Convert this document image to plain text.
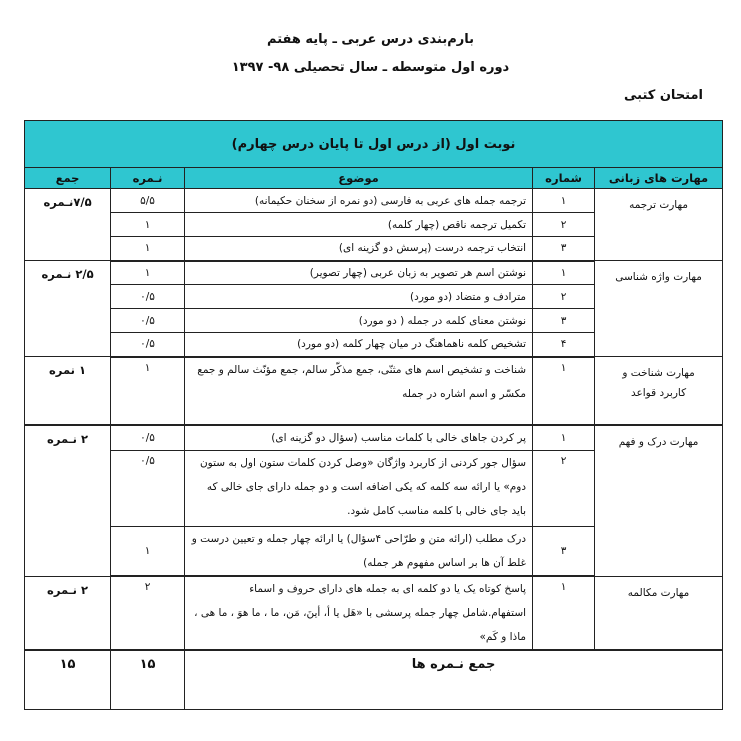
بارم‌بندی درس عربی ـ پایه هفتم
دوره اول متوسطه ـ سال تحصیلی ۹۸- ۱۳۹۷
امتحان کتبی
نوبت اول (از درس اول تا پایان درس چهارم)				
مهارت های زبانی	شماره	موضوع	نـمره	جمع
مهارت ترجمه	۱	ترجمه جمله های عربی به فارسی (دو نمره از سخنان حکیمانه)	۵/۵	۷/۵نـمره
	۲	تکمیل ترجمه ناقص (چهار کلمه)	۱	
	۳	انتخاب ترجمه درست (پرسش دو گزینه ای)	۱	
مهارت واژه شناسی	۱	نوشتن اسم هر تصویر به زبان عربی (چهار تصویر)	۱	۲/۵ نـمره
	۲	مترادف و متضاد (دو مورد)	۰/۵	
	۳	نوشتن معنای کلمه در جمله ( دو مورد)	۰/۵	
	۴	تشخیص کلمه ناهماهنگ در میان چهار کلمه (دو مورد)	۰/۵	

مهارت شناخت و
کاربرد قواعد	۱	شناخت و تشخیص اسم های مثنّی، جمع مذکّر سالم، جمع مؤنّث سالم و جمع مکسّر و اسم اشاره در جمله	۱	۱ نمره
مهارت درک و فهم	۱	پر کردن جاهای خالی با کلمات مناسب (سؤال دو گزینه ای)	۰/۵	۲ نـمره
	۲	سؤال جور کردنی از کاربرد واژگان «وصل کردن کلمات ستون اول به ستون دوم» یا ارائه سه کلمه که یکی اضافه است و دو جمله دارای جای خالی که باید جای خالی با کلمه مناسب کامل شود.	۰/۵	
	۳	درک مطلب (ارائه متن و طرّاحی ۴سؤال) یا ارائه چهار جمله و تعیین درست و غلط آن ها بر اساس مفهوم هر جمله)	۱	
مهارت مکالمه	۱	پاسخ کوتاه یک یا دو کلمه ای به جمله های دارای حروف و اسماء استفهام.شامل چهار جمله پرسشی با «هَل یا أ، أینَ، مَن، ما ، ما هوَ ، ما هی ، ماذا و کَم»	۲	۲ نـمره
جمع نـمره ها			۱۵	۱۵
